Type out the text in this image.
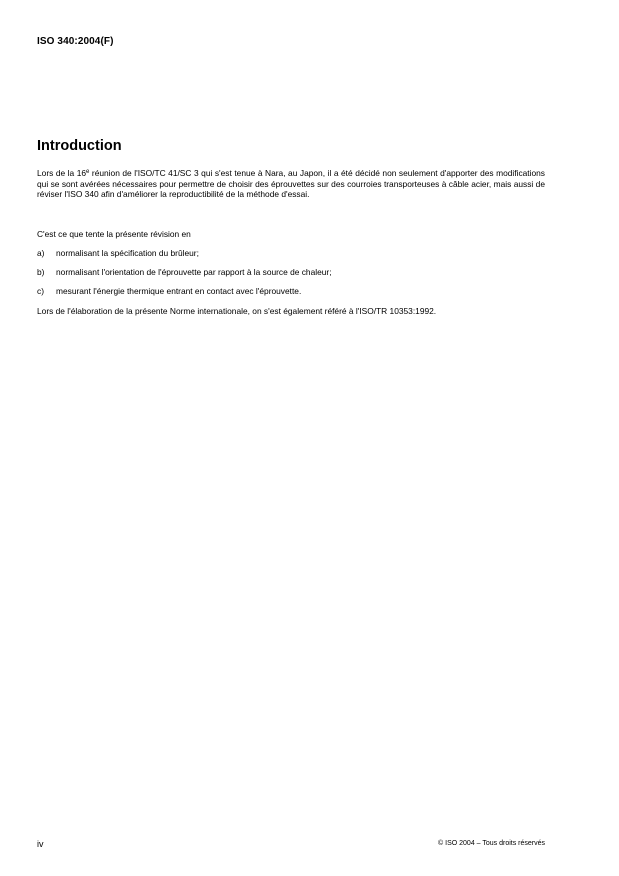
ISO 340:2004(F)
Introduction

Lors de la 16e réunion de l'ISO/TC 41/SC 3 qui s'est tenue à Nara, au Japon, il a été décidé non seulement d'apporter des modifications qui se sont avérées nécessaires pour permettre de choisir des éprouvettes sur des courroies transporteuses à câble acier, mais aussi de réviser l'ISO 340 afin d'améliorer la reproductibilité de la méthode d'essai.

C'est ce que tente la présente révision en

a)	normalisant la spécification du brûleur;
b)	normalisant l'orientation de l'éprouvette par rapport à la source de chaleur;
c)	mesurant l'énergie thermique entrant en contact avec l'éprouvette.

Lors de l'élaboration de la présente Norme internationale, on s'est également référé à l'ISO/TR 10353:1992.

iv	© ISO 2004 – Tous droits réservés
